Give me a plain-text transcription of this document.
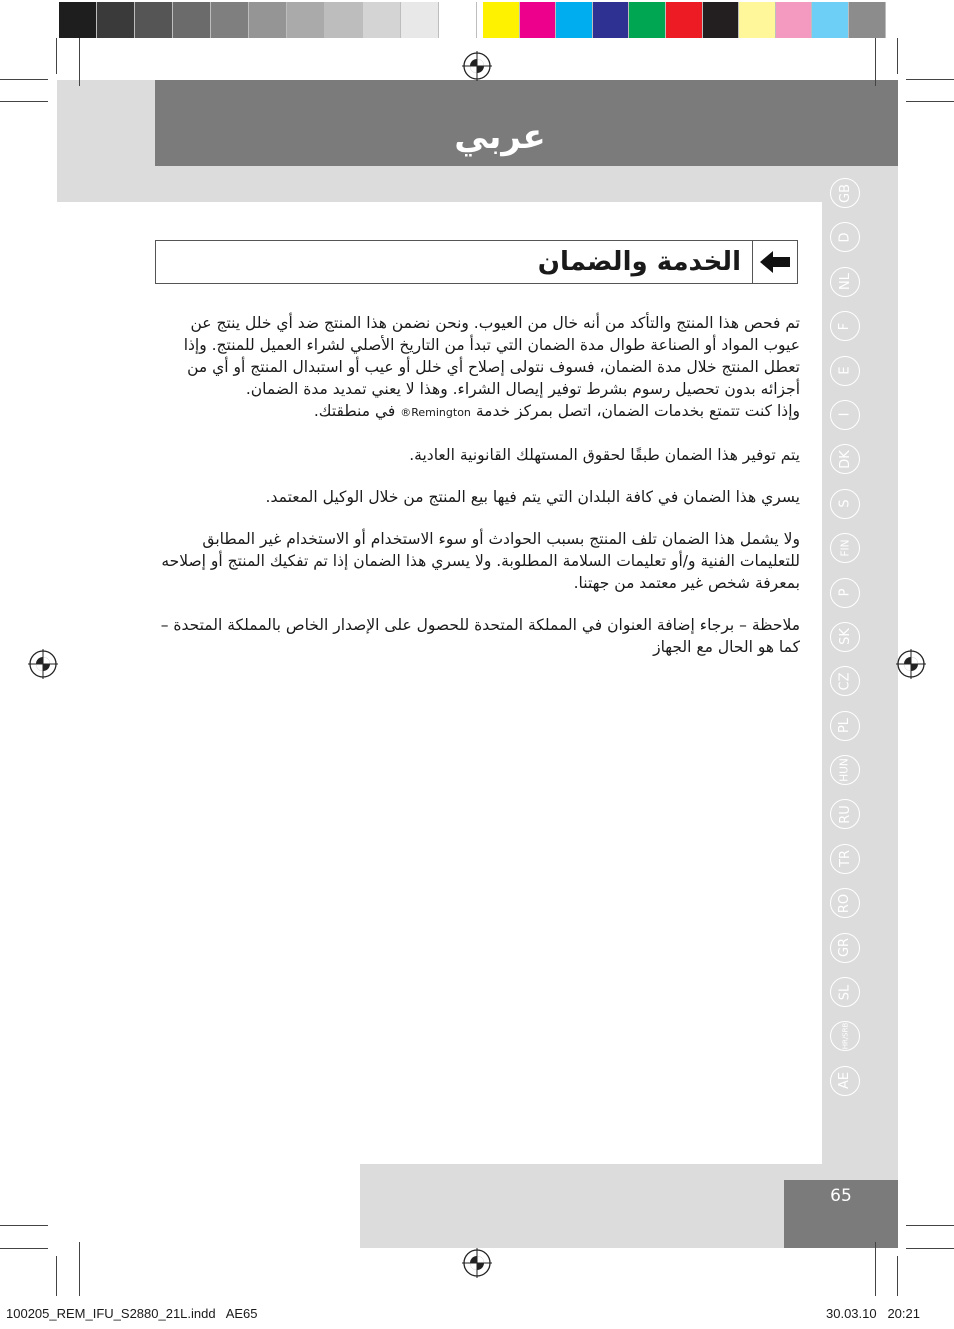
65
عربي
GB
D
NL
F
E
I
DK
S
FIN
P
SK
CZ
PL
HUN
RU
TR
RO
GR
SL
HR/SRB
AE
الخدمة والضمان

تم فحص هذا المنتج والتأكد من أنه خال من العيوب. ونحن نضمن هذا المنتج ضد أي خلل ينتج عن عيوب المواد أو الصناعة طوال مدة الضمان التي تبدأ من التاريخ الأصلي لشراء العميل للمنتج. وإذا تعطل المنتج خلال مدة الضمان، فسوف نتولى إصلاح أي خلل أو عيب أو استبدال المنتج أو أي من أجزائه بدون تحصيل رسوم بشرط توفير إيصال الشراء. وهذا لا يعني تمديد مدة الضمان.

وإذا كنت تتمتع بخدمات الضمان، اتصل بمركز خدمة Remington® في منطقتك.

يتم توفير هذا الضمان طبقًا لحقوق المستهلك القانونية العادية.

يسري هذا الضمان في كافة البلدان التي يتم فيها بيع المنتج من خلال الوكيل المعتمد.

ولا يشمل هذا الضمان تلف المنتج بسبب الحوادث أو سوء الاستخدام أو الاستخدام غير المطابق للتعليمات الفنية و/أو تعليمات السلامة المطلوبة. ولا يسري هذا الضمان إذا تم تفكيك المنتج أو إصلاحه بمعرفة شخص غير معتمد من جهتنا.

ملاحظة – برجاء إضافة العنوان في المملكة المتحدة للحصول على الإصدار الخاص بالمملكة المتحدة – كما هو الحال مع الجهاز

100205_REM_IFU_S2880_21L.indd   AE65	30.03.10   20:21
